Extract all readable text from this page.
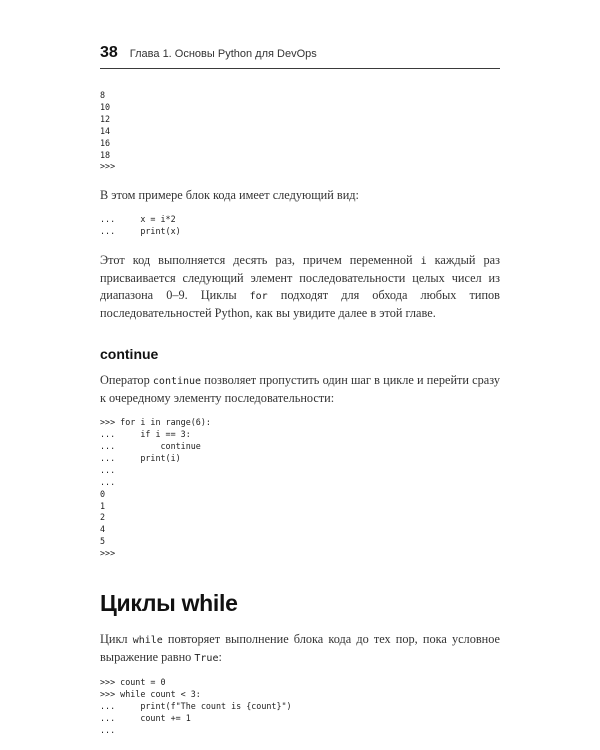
38 Глава 1. Основы Python для DevOps
8
10
12
14
16
18
>>>

В этом примере блок кода имеет следующий вид:

...     x = i*2
...     print(x)

Этот код выполняется десять раз, причем переменной i каждый раз присваивается следующий элемент последовательности целых чисел из диапазона 0–9. Циклы for подходят для обхода любых типов последовательностей Python, как вы увидите далее в этой главе.

continue

Оператор continue позволяет пропустить один шаг в цикле и перейти сразу к очередному элементу последовательности:

>>> for i in range(6):
...     if i == 3:
...         continue
...     print(i)
...
...
0
1
2
4
5
>>>
Циклы while

Цикл while повторяет выполнение блока кода до тех пор, пока условное выражение равно True:

>>> count = 0
>>> while count < 3:
...     print(f"The count is {count}")
...     count += 1
...
